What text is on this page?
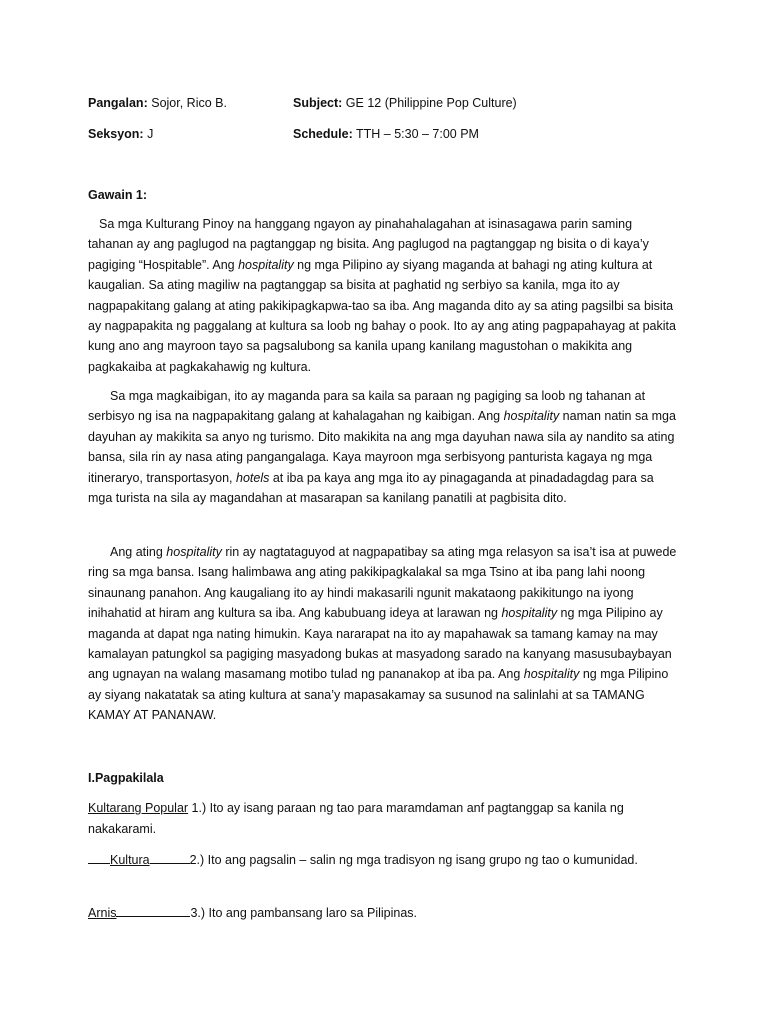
Pangalan: Sojor, Rico B.	Subject: GE 12 (Philippine Pop Culture)
Seksyon: J	Schedule: TTH – 5:30 – 7:00 PM
Gawain 1:

Sa mga Kulturang Pinoy na hanggang ngayon ay pinahahalagahan at isinasagawa parin saming tahanan ay ang paglugod na pagtanggap ng bisita. Ang paglugod na pagtanggap ng bisita o di kaya’y pagiging “Hospitable”. Ang hospitality ng mga Pilipino ay siyang maganda at bahagi ng ating kultura at kaugalian. Sa ating magiliw na pagtanggap sa bisita at paghatid ng serbiyo sa kanila, mga ito ay nagpapakitang galang at ating pakikipagkapwa-tao sa iba. Ang maganda dito ay sa ating pagsilbi sa bisita ay nagpapakita ng paggalang at kultura sa loob ng bahay o pook. Ito ay ang ating pagpapahayag at pakita kung ano ang mayroon tayo sa pagsalubong sa kanila upang kanilang magustohan o makikita ang pagkakaiba at pagkakahawig ng kultura.

Sa mga magkaibigan, ito ay maganda para sa kaila sa paraan ng pagiging sa loob ng tahanan at serbisyo ng isa na nagpapakitang galang at kahalagahan ng kaibigan. Ang hospitality naman natin sa mga dayuhan ay makikita sa anyo ng turismo. Dito makikita na ang mga dayuhan nawa sila ay nandito sa ating bansa, sila rin ay nasa ating pangangalaga. Kaya mayroon mga serbisyong panturista kagaya ng mga itineraryo, transportasyon, hotels at iba pa kaya ang mga ito ay pinagaganda at pinadadagdag para sa mga turista na sila ay magandahan at masarapan sa kanilang panatili at pagbisita dito.

Ang ating hospitality rin ay nagtataguyod at nagpapatibay sa ating mga relasyon sa isa’t isa at puwede ring sa mga bansa. Isang halimbawa ang ating pakikipagkalakal sa mga Tsino at iba pang lahi noong sinaunang panahon. Ang kaugaliang ito ay hindi makasarili ngunit makataong pakikitungo na iyong inihahatid at hiram ang kultura sa iba. Ang kabubuang ideya at larawan ng hospitality ng mga Pilipino ay maganda at dapat nga nating himukin. Kaya nararapat na ito ay mapahawak sa tamang kamay na may kamalayan patungkol sa pagiging masyadong bukas at masyadong sarado na kanyang masusubaybayan ang ugnayan na walang masamang motibo tulad ng pananakop at iba pa. Ang hospitality ng mga Pilipino ay siyang nakatatak sa ating kultura at sana’y mapasakamay sa susunod na salinlahi at sa TAMANG KAMAY AT PANANAW.

I.Pagpakilala

Kultarang Popular 1.) Ito ay isang paraan ng tao para maramdaman anf pagtanggap sa kanila ng nakakarami.

Kultura	2.) Ito ang pagsalin – salin ng mga tradisyon ng isang grupo ng tao o kumunidad.

Arnis	3.) Ito ang pambansang laro sa Pilipinas.
